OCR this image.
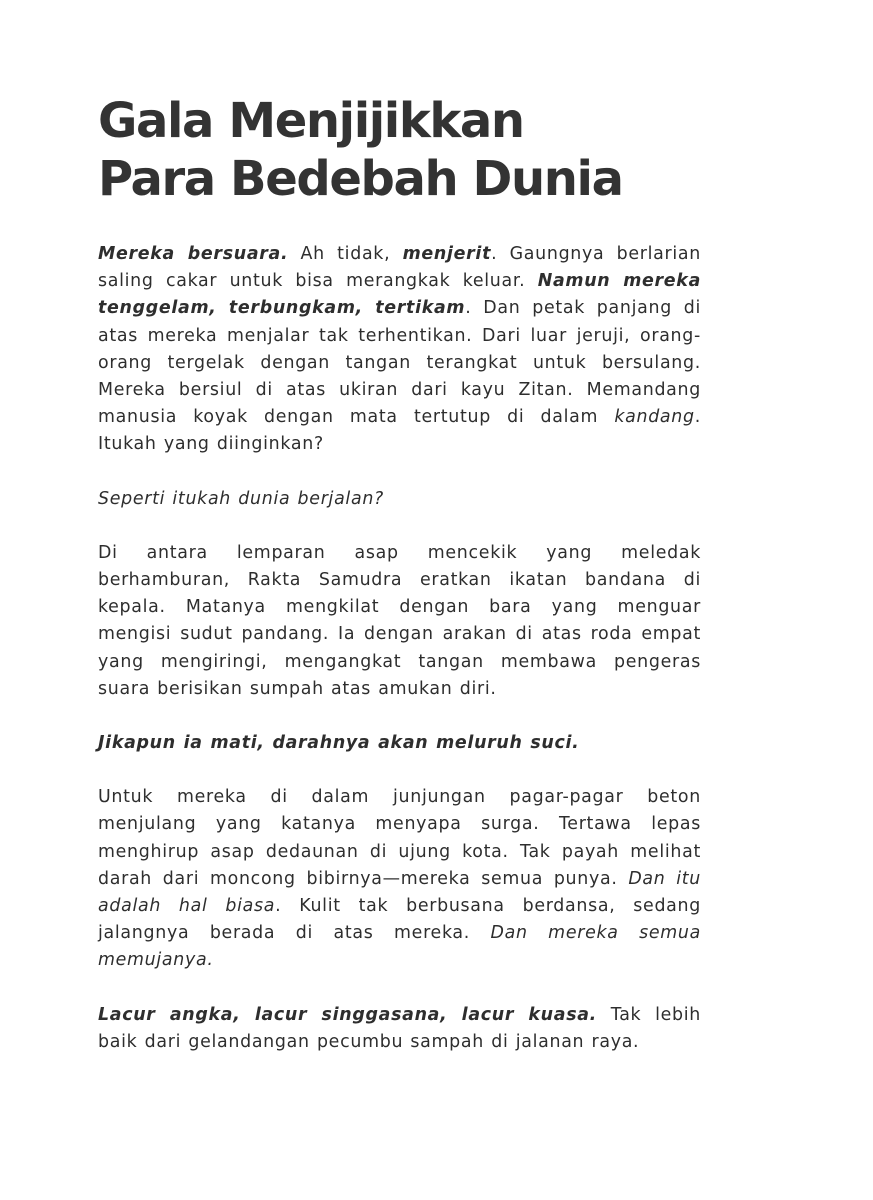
Gala Menjijikkan
Para Bedebah Dunia

Mereka bersuara. Ah tidak, menjerit. Gaungnya berlarian saling cakar untuk bisa merangkak keluar. Namun mereka tenggelam, terbungkam, tertikam. Dan petak panjang di atas mereka menjalar tak terhentikan. Dari luar jeruji, orang-orang tergelak dengan tangan terangkat untuk bersulang. Mereka bersiul di atas ukiran dari kayu Zitan. Memandang manusia koyak dengan mata tertutup di dalam kandang. Itukah yang diinginkan?

Seperti itukah dunia berjalan?

Di antara lemparan asap mencekik yang meledak berhamburan, Rakta Samudra eratkan ikatan bandana di kepala. Matanya mengkilat dengan bara yang menguar mengisi sudut pandang. Ia dengan arakan di atas roda empat yang mengiringi, mengangkat tangan membawa pengeras suara berisikan sumpah atas amukan diri.

Jikapun ia mati, darahnya akan meluruh suci.

Untuk mereka di dalam junjungan pagar-pagar beton menjulang yang katanya menyapa surga. Tertawa lepas menghirup asap dedaunan di ujung kota. Tak payah melihat darah dari moncong bibirnya—mereka semua punya. Dan itu adalah hal biasa. Kulit tak berbusana berdansa, sedang jalangnya berada di atas mereka. Dan mereka semua memujanya.

Lacur angka, lacur singgasana, lacur kuasa. Tak lebih baik dari gelandangan pecumbu sampah di jalanan raya.
